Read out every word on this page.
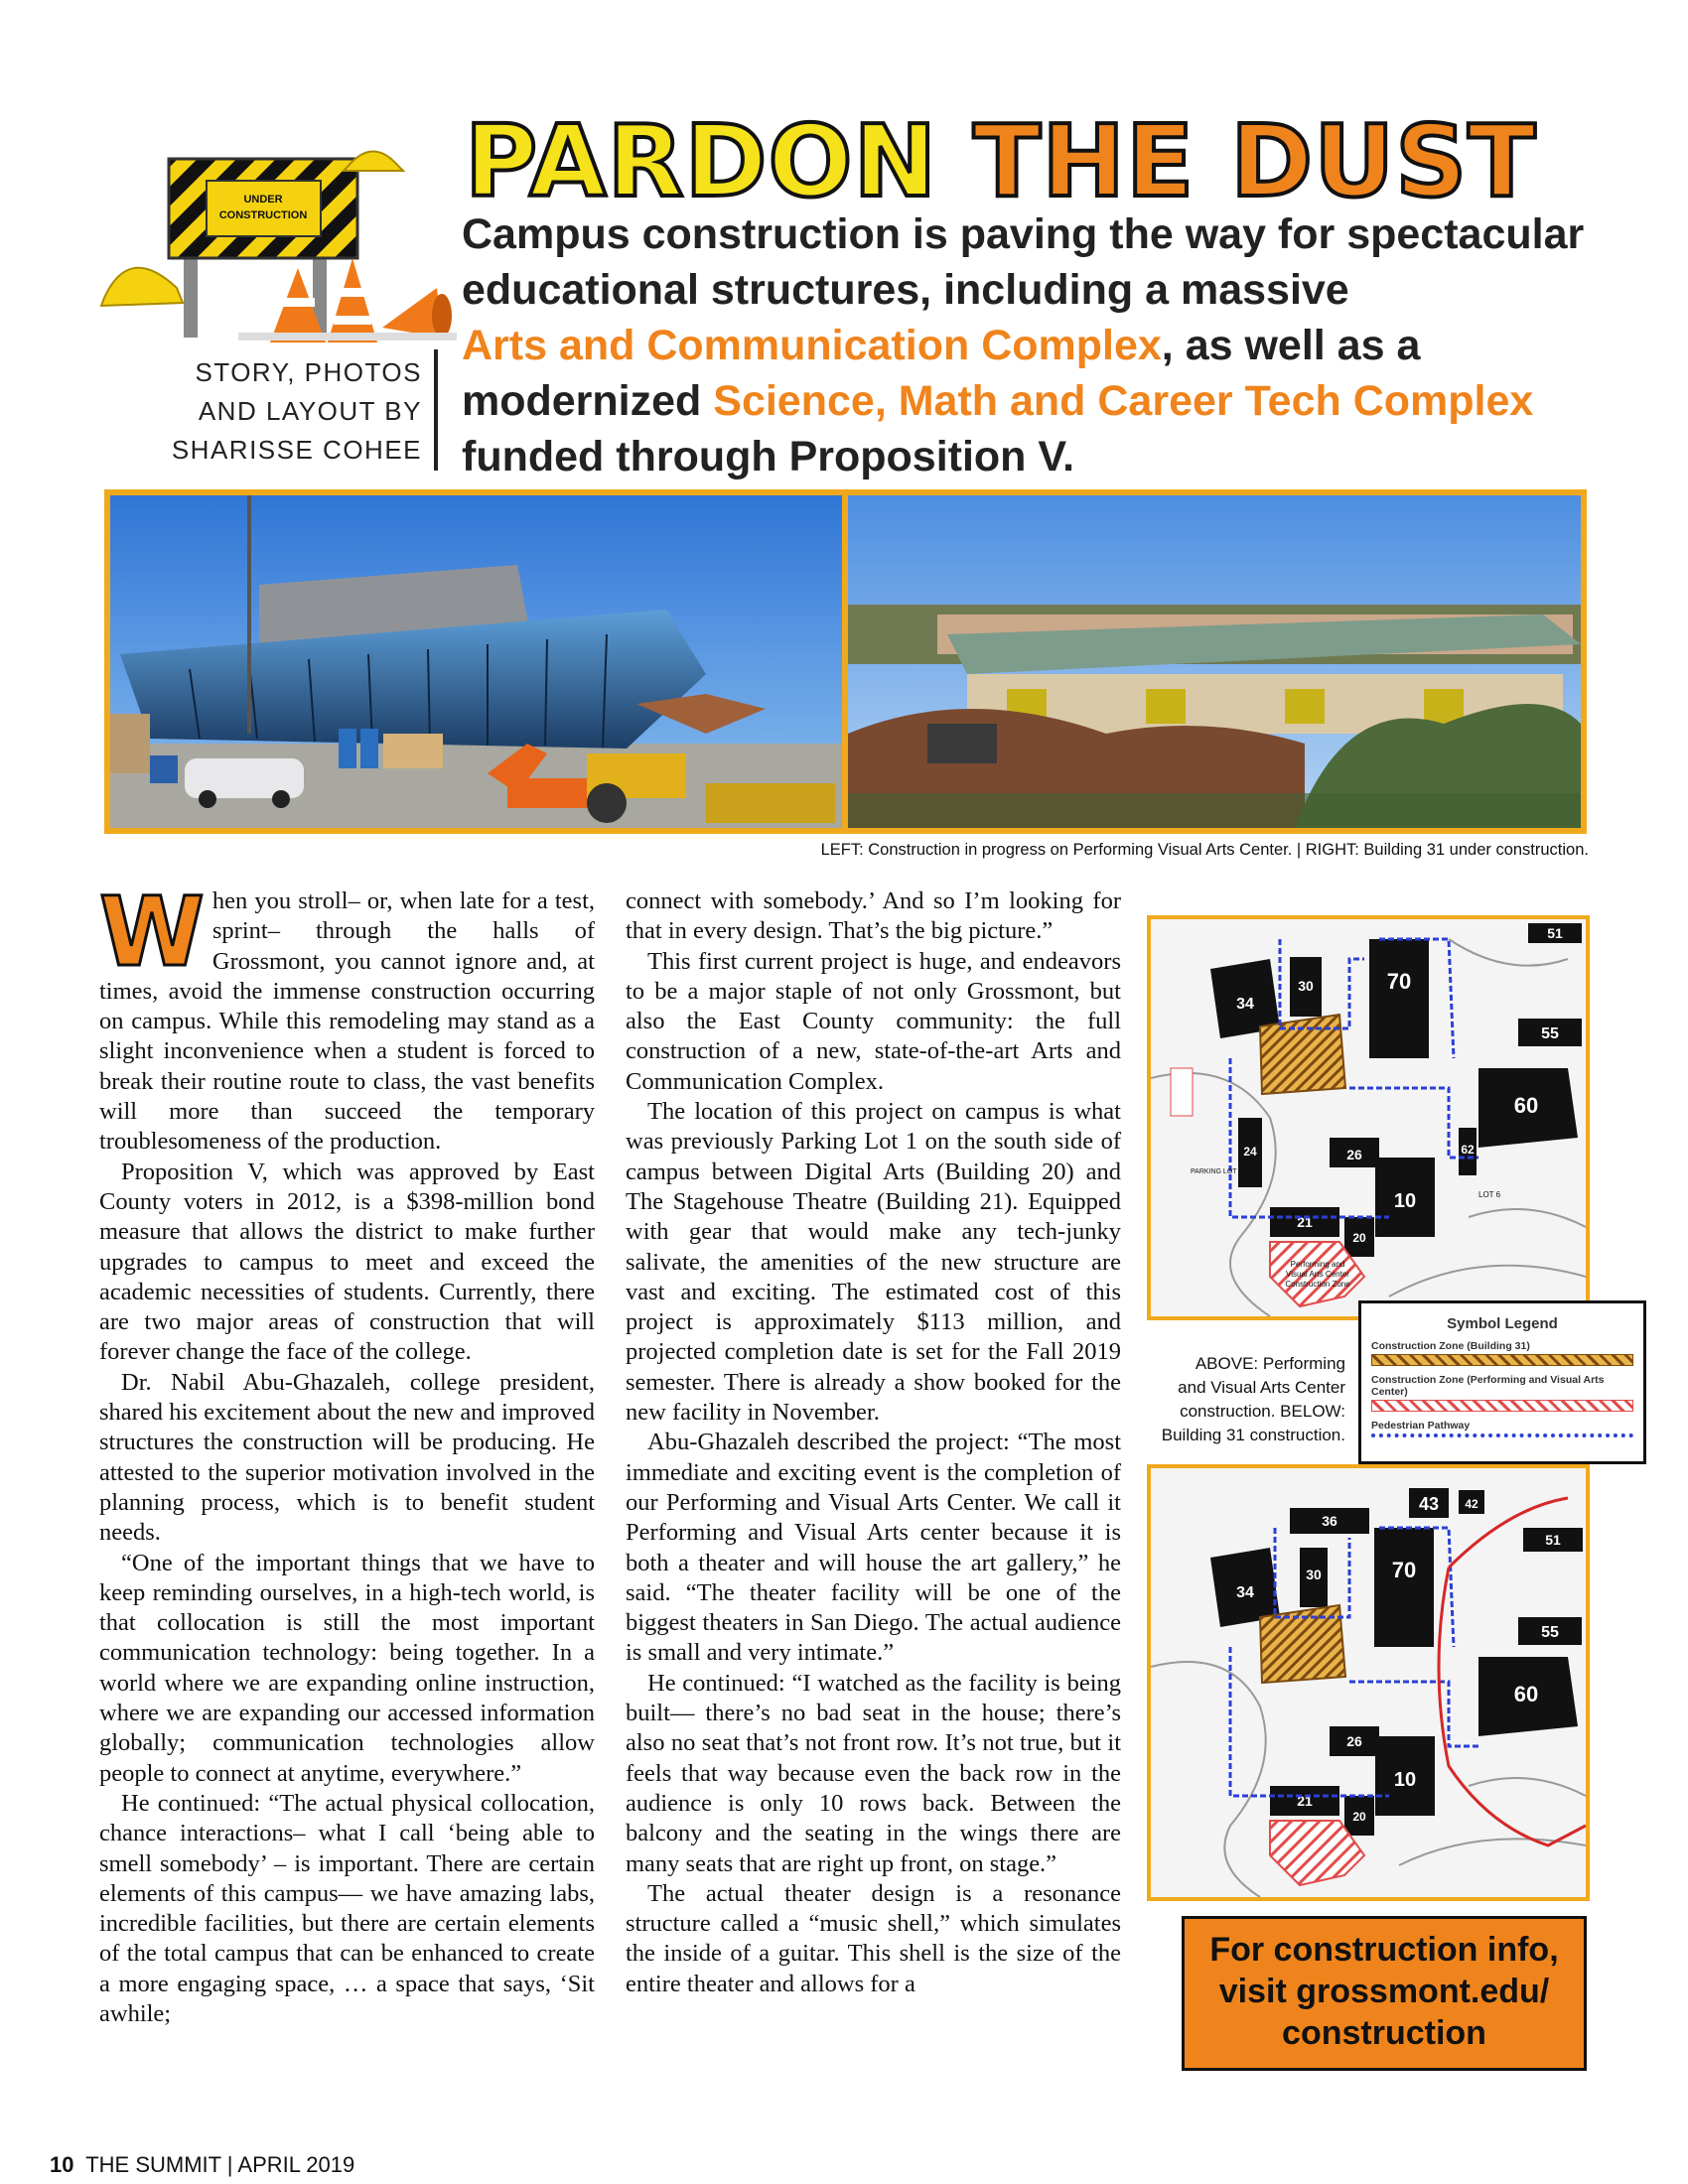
UNDER
CONSTRUCTION PARDON THE DUST
Campus construction is paving the way for spectacular
educational structures, including a massive
Arts and Communication Complex, as well as a
modernized Science, Math and Career Tech Complex
funded through Proposition V.
STORY, PHOTOS
AND LAYOUT BY
SHARISSE COHEE
LEFT: Construction in progress on Performing Visual Arts Center. | RIGHT: Building 31 under construction.

When you stroll– or, when late for a test, sprint– through the halls of Grossmont, you cannot ignore and, at times, avoid the immense construction occurring on campus. While this remodeling may stand as a slight inconvenience when a student is forced to break their routine route to class, the vast benefits will more than succeed the temporary troublesomeness of the production.

Proposition V, which was approved by East County voters in 2012, is a $398-million bond measure that allows the district to make further upgrades to campus to meet and exceed the academic necessities of students. Currently, there are two major areas of construction that will forever change the face of the college.

Dr. Nabil Abu-Ghazaleh, college president, shared his excitement about the new and improved structures the construction will be producing. He attested to the superior motivation involved in the planning process, which is to benefit student needs.

“One of the important things that we have to keep reminding ourselves, in a high-tech world, is that collocation is still the most important communication technology: being together. In a world where we are expanding online instruction, where we are expanding our accessed information globally; communication technologies allow people to connect at anytime, everywhere.”

He continued: “The actual physical collocation, chance interactions– what I call ‘being able to smell somebody’ – is important. There are certain elements of this campus— we have amazing labs, incredible facilities, but there are certain elements of the total campus that can be enhanced to create a more engaging space, … a space that says, ‘Sit awhile;

connect with somebody.’ And so I’m looking for that in every design. That’s the big picture.”

This first current project is huge, and endeavors to be a major staple of not only Grossmont, but also the East County community: the full construction of a new, state-of-the-art Arts and Communication Complex.

The location of this project on campus is what was previously Parking Lot 1 on the south side of campus between Digital Arts (Building 20) and The Stagehouse Theatre (Building 21). Equipped with gear that would make any tech-junky salivate, the amenities of the new structure are vast and exciting. The estimated cost of this project is approximately $113 million, and projected completion date is set for the Fall 2019 semester. There is already a show booked for the new facility in November.

Abu-Ghazaleh described the project: “The most immediate and exciting event is the completion of our Performing and Visual Arts Center. We call it Performing and Visual Arts center because it is both a theater and will house the art gallery,” he said. “The theater facility will be one of the biggest theaters in San Diego. The actual audience is small and very intimate.”

He continued: “I watched as the facility is being built— there’s no bad seat in the house; there’s also no seat that’s not front row. It’s not true, but it feels that way because even the back row in the audience is only 10 rows back. Between the balcony and the seating in the wings there are many seats that are right up front, on stage.”

The actual theater design is a resonance structure called a “music shell,” which simulates the inside of a guitar. This shell is the size of the entire theater and allows for a

51
30	70
34
55
60
26
10
62
24
21
20
Performing and
Visual Arts Center
Construction Zone
PARKING LOT 1
LOT 6
Symbol Legend
Construction Zone (Building 31)
Construction Zone (Performing and Visual Arts Center)
Pedestrian Pathway
ABOVE: Performing
and Visual Arts Center
construction. BELOW:
Building 31 construction.
43 42
36
51
30	70
34
55
60
26
10
21
20
For construction info,
visit grossmont.edu/
construction
10 THE SUMMIT | APRIL 2019
